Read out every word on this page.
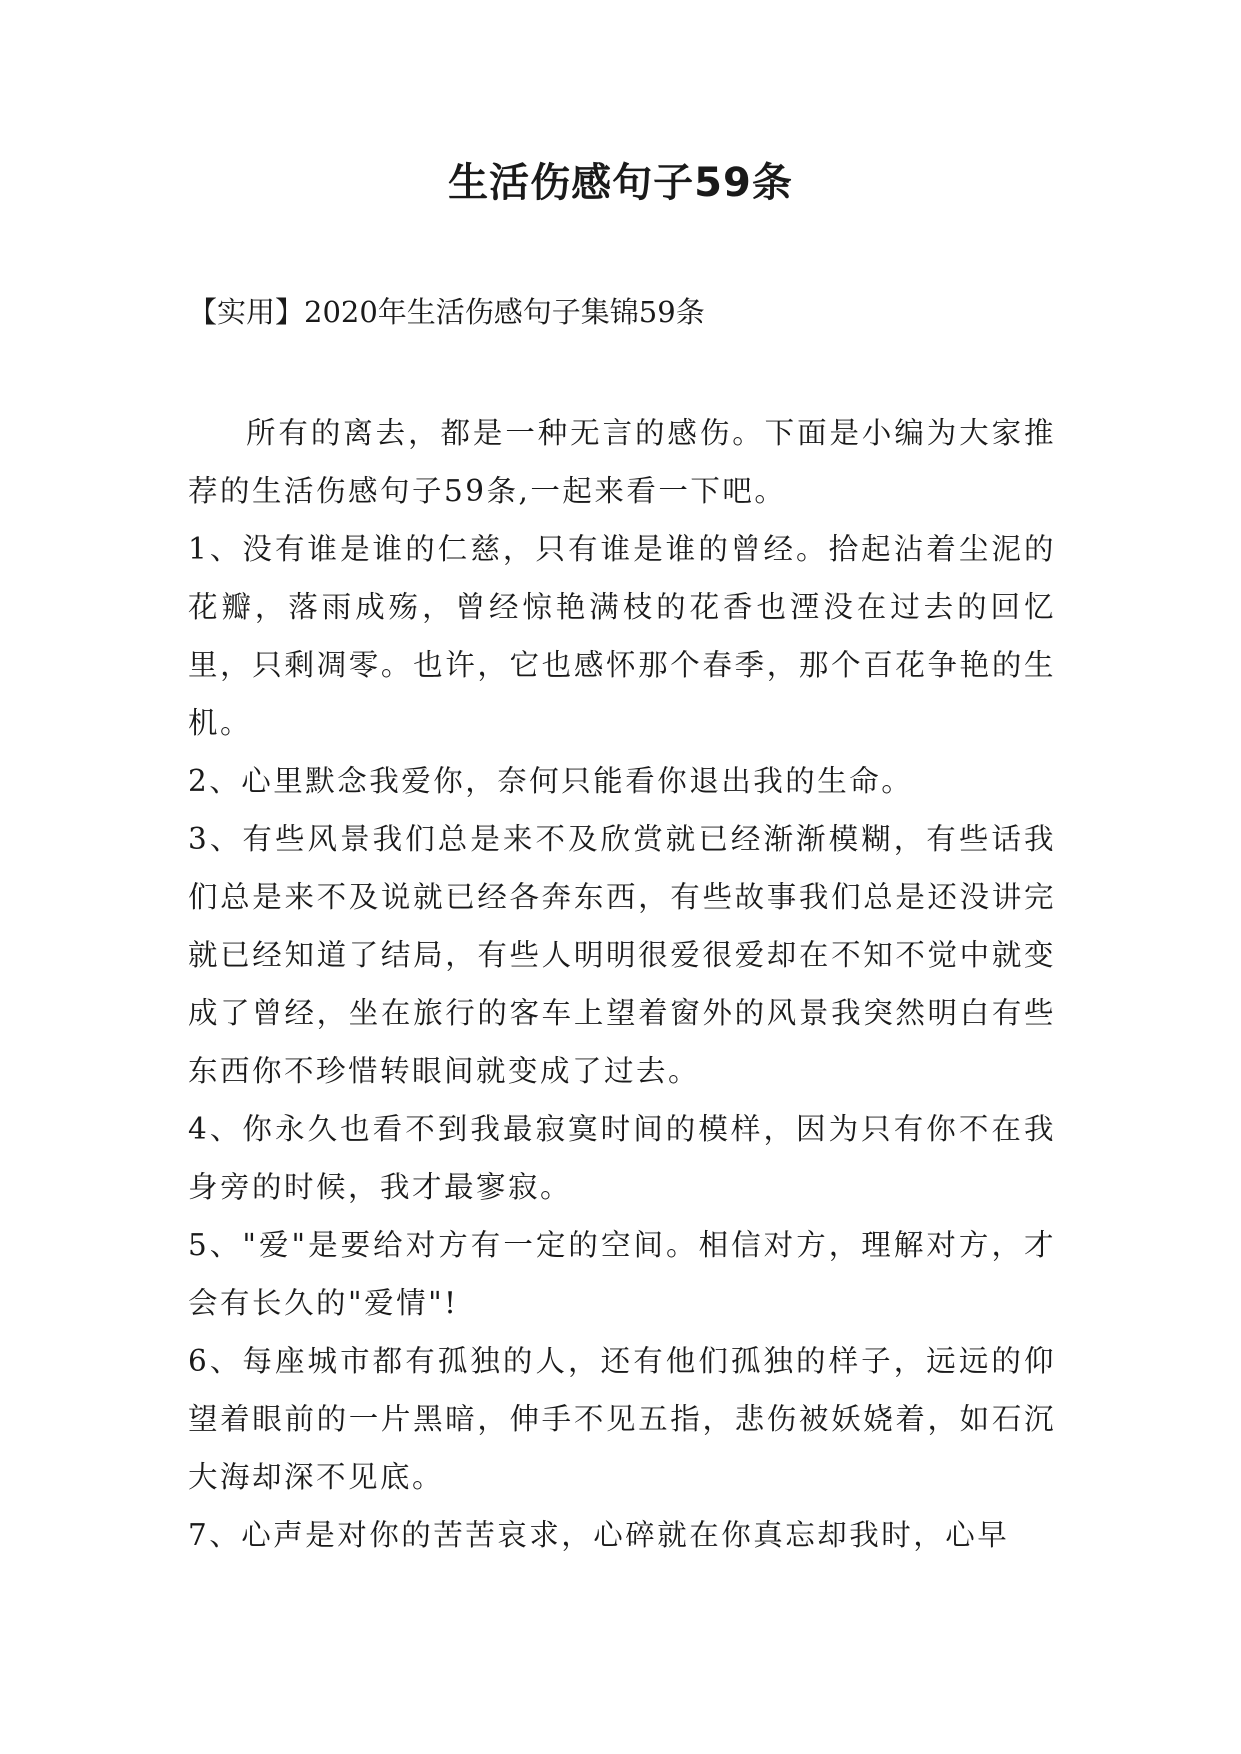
生活伤感句子59条
【实用】2020年生活伤感句子集锦59条

所有的离去，都是一种无言的感伤。下面是小编为大家推荐的生活伤感句子59条,一起来看一下吧。

1、没有谁是谁的仁慈，只有谁是谁的曾经。拾起沾着尘泥的花瓣，落雨成殇，曾经惊艳满枝的花香也湮没在过去的回忆里，只剩凋零。也许，它也感怀那个春季，那个百花争艳的生机。

2、心里默念我爱你，奈何只能看你退出我的生命。

3、有些风景我们总是来不及欣赏就已经渐渐模糊，有些话我们总是来不及说就已经各奔东西，有些故事我们总是还没讲完就已经知道了结局，有些人明明很爱很爱却在不知不觉中就变成了曾经，坐在旅行的客车上望着窗外的风景我突然明白有些东西你不珍惜转眼间就变成了过去。

4、你永久也看不到我最寂寞时间的模样，因为只有你不在我身旁的时候，我才最寥寂。

5、"爱"是要给对方有一定的空间。相信对方，理解对方，才会有长久的"爱情"!

6、每座城市都有孤独的人，还有他们孤独的样子，远远的仰望着眼前的一片黑暗，伸手不见五指，悲伤被妖娆着，如石沉大海却深不见底。

7、心声是对你的苦苦哀求，心碎就在你真忘却我时，心早
